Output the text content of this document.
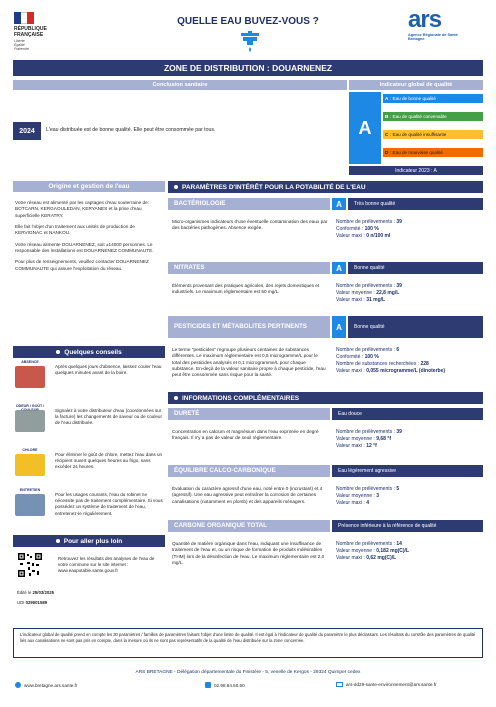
RÉPUBLIQUE
FRANÇAISE
Liberté
Égalité
Fraternité
QUELLE EAU BUVEZ-VOUS ?	ars
Agence Régionale de Santé
Bretagne
ZONE DE DISTRIBUTION : DOUARNENEZ
Conclusion sanitaire
2024	L'eau distribuée est de bonne qualité. Elle peut être consommée par tous.
Indicateur global de qualité
A
A : Eau de bonne qualité
B : Eau de qualité convenable
C : Eau de qualité insuffisante
D : Eau de mauvaise qualité
Indicateur 2023 : A
Origine et gestion de l'eau

Votre réseau est alimenté par les captages d'eau souterraine de: BOTCARN, KERGAOULEDAN, KERYANES et la prise d'eau superficielle KERATRY.

Elle fait l'objet d'un traitement aux unités de production de KERVIGNAC et NANKOU.

Votre réseau alimente DOUARNENEZ, soit ±14000 personnes. Le responsable des installations est DOUARNENEZ COMMUNAUTE.

Pour plus de renseignements, veuillez contacter DOUARNENEZ COMMUNAUTE qui assure l'exploitation du réseau.

Quelques conseils
ABSENCE
Après quelques jours d'absence, laissez couler l'eau quelques minutes avant de la boire.
ODEUR / GOÛT /
Signalez à votre distributeur d'eau (coordonnées sur la facture) les changements de saveur ou de couleur de l'eau distribuée.
CHLORE
Pour éliminer le goût de chlore, mettez l'eau dans un récipient ouvert quelques heures au frigo, sans excéder 24 heures.
ENTRETIEN
Pour les usages courants, l'eau du robinet ne nécessite pas de traitement complémentaire. Si vous possédez un système de traitement de l'eau, entretenez-le régulièrement.
Pour aller plus loin
Retrouvez les résultats des analyses de l'eau de votre commune sur le site internet : www.eaupotable.sante.gouv.fr
Édité le 25/03/2025
UDI 029001589
PARAMÈTRES D'INTÉRÊT POUR LA POTABILITÉ DE L'EAU
BACTÉRIOLOGIE	A	Très bonne qualité
Micro-organismes indicateurs d'une éventuelle contamination des eaux par des bactéries pathogènes. Absence exigée.
Nombre de prélèvements : 39
Conformité : 100 %
Valeur maxi : 0 n/100 ml
NITRATES	A	Bonne qualité
Éléments provenant des pratiques agricoles, des rejets domestiques et industriels. Le maximum réglementaire est 50 mg/L.
Nombre de prélèvements : 39
Valeur moyenne : 22,8 mg/L
Valeur maxi : 31 mg/L
PESTICIDES ET MÉTABOLITES PERTINENTS	A	Bonne qualité
Le terme "pesticides" regroupe plusieurs centaines de substances différentes. Le maximum réglementaire est 0,5 microgramme/L pour le total des pesticides analysés et 0,1 microgramme/L pour chaque substance. En-deçà de la valeur sanitaire propre à chaque pesticide, l'eau peut être consommée sans risque pour la santé.
Nombre de prélèvements : 6
Conformité : 100 %
Nombre de substances recherchées : 228
Valeur maxi : 0,055 microgramme/L (dinoterbe)
INFORMATIONS COMPLÉMENTAIRES
DURETÉ	Eau douce
Concentration en calcium et magnésium dans l'eau exprimée en degré français. Il n'y a pas de valeur de seuil réglementaire.
Nombre de prélèvements : 39
Valeur moyenne : 9,68 °f
Valeur maxi : 12 °f
ÉQUILIBRE CALCO-CARBONIQUE	Eau légèrement agressive
Évaluation du caractère agressif d'une eau, noté entre 0 (incrustant) et 4 (agressif). Une eau agressive peut entraîner la corrosion de certaines canalisations (notamment en plomb) et des appareils ménagers.
Nombre de prélèvements : 5
Valeur moyenne : 3
Valeur maxi : 4
CARBONE ORGANIQUE TOTAL	Présence inférieure à la référence de qualité
Quantité de matière organique dans l'eau, indiquant une insuffisance de traitement de l'eau et, ou un risque de formation de produits indésirables (THM) lors de la désinfection de l'eau. Le maximum réglementaire est 2,0 mg/L.
Nombre de prélèvements : 14
Valeur moyenne : 0,182 mg(C)/L
Valeur maxi : 0,62 mg(C)/L
L'indicateur global de qualité prend en compte les 30 paramètres / familles de paramètres faisant l'objet d'une limite de qualité. Il est égal à l'indicateur de qualité du paramètre le plus déclassant. Les résultats du contrôle des paramètres de qualité liés aux canalisations ne sont pas pris en compte, dans la mesure où ils ne sont pas représentatifs de la qualité de l'eau distribuée sur la zone concernée.
ARS BRETAGNE - Délégation départementale du Finistère - 5, venelle de Kergos - 29324 Quimper cedex
www.bretagne.ars.sante.fr	02.98.64.50.50	ars-dd29-sante-environnement@ars.sante.fr
